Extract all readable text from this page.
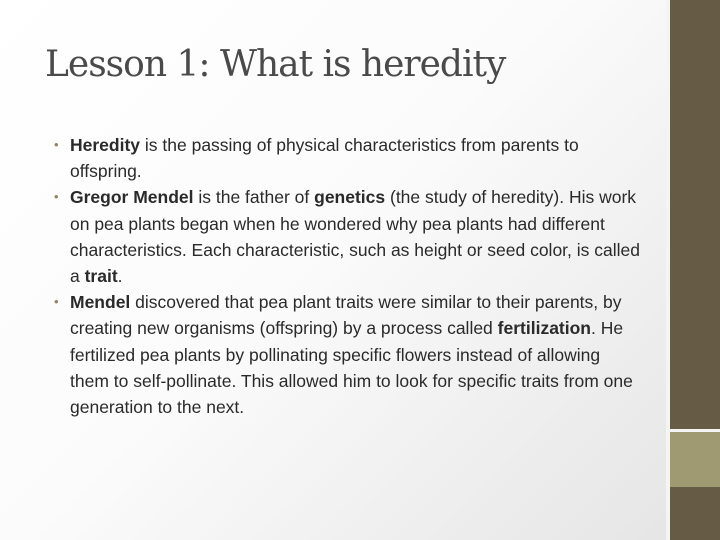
Lesson 1: What is heredity
• Heredity is the passing of physical characteristics from parents to offspring.
• Gregor Mendel is the father of genetics (the study of heredity). His work on pea plants began when he wondered why pea plants had different characteristics. Each characteristic, such as height or seed color, is called a trait.
• Mendel discovered that pea plant traits were similar to their parents, by creating new organisms (offspring) by a process called fertilization. He fertilized pea plants by pollinating specific flowers instead of allowing them to self-pollinate. This allowed him to look for specific traits from one generation to the next.
